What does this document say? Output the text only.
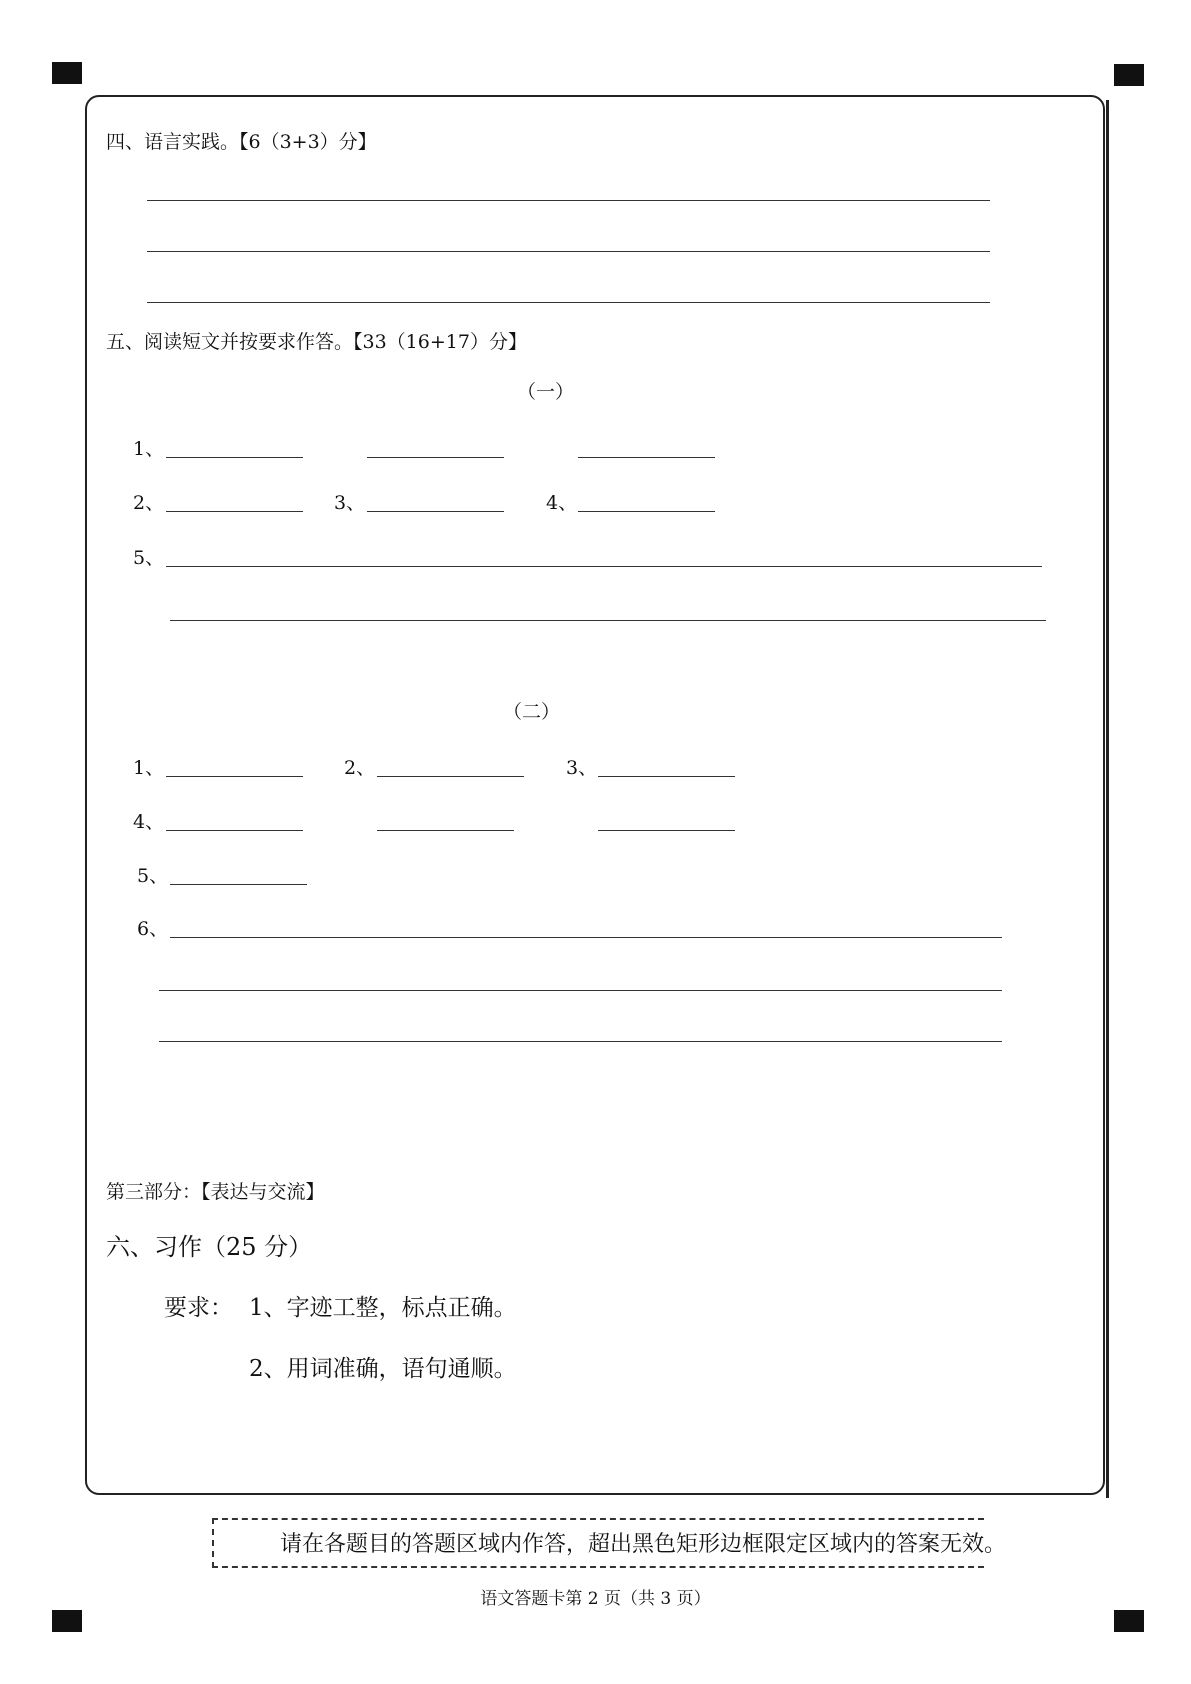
四、语言实践。【6（3+3）分】
五、阅读短文并按要求作答。【33（16+17）分】
（一）
1、
2、	3、	4、
5、
（二）
1、	2、	3、
4、
5、
6、
第三部分：【表达与交流】
六、习作（25 分）
要求： 1、字迹工整，标点正确。
2、用词准确，语句通顺。
请在各题目的答题区域内作答，超出黑色矩形边框限定区域内的答案无效。
语文答题卡第 2 页（共 3 页）
